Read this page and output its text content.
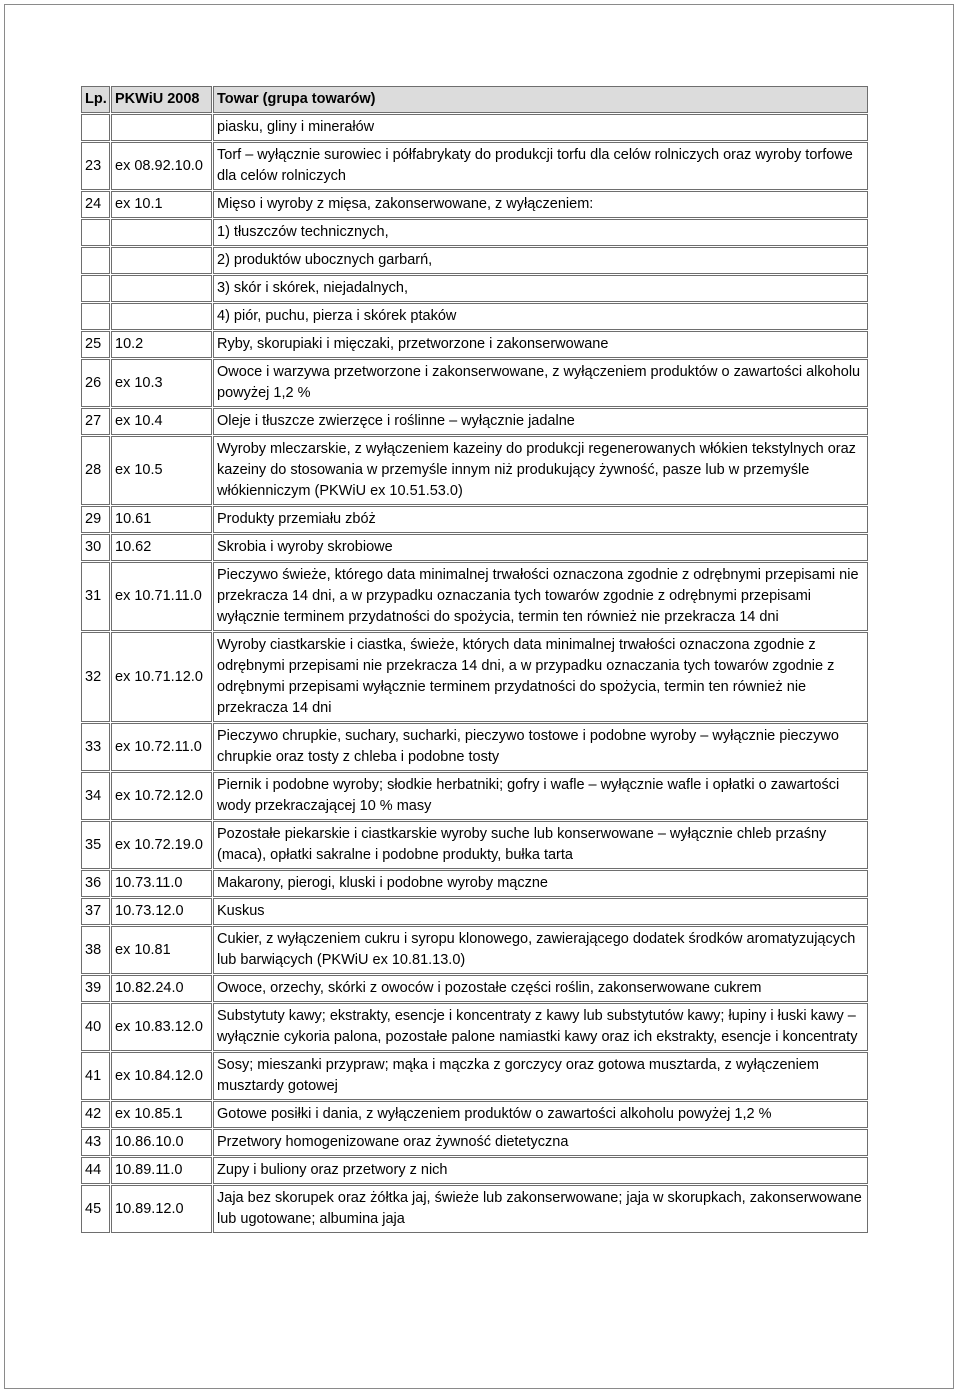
Lp.	PKWiU 2008	Towar (grupa towarów)
		piasku, gliny i minerałów
23	ex 08.92.10.0	Torf – wyłącznie surowiec i półfabrykaty do produkcji torfu dla celów rolniczych oraz wyroby torfowe dla celów rolniczych
24	ex 10.1	Mięso i wyroby z mięsa, zakonserwowane, z wyłączeniem:
		1) tłuszczów technicznych,
		2) produktów ubocznych garbarń,
		3) skór i skórek, niejadalnych,
		4) piór, puchu, pierza i skórek ptaków
25	10.2	Ryby, skorupiaki i mięczaki, przetworzone i zakonserwowane
26	ex 10.3	Owoce i warzywa przetworzone i zakonserwowane, z wyłączeniem produktów o zawartości alkoholu powyżej 1,2 %
27	ex 10.4	Oleje i tłuszcze zwierzęce i roślinne – wyłącznie jadalne
28	ex 10.5	Wyroby mleczarskie, z wyłączeniem kazeiny do produkcji regenerowanych włókien tekstylnych oraz kazeiny do stosowania w przemyśle innym niż produkujący żywność, pasze lub w przemyśle włókienniczym (PKWiU ex 10.51.53.0)
29	10.61	Produkty przemiału zbóż
30	10.62	Skrobia i wyroby skrobiowe
31	ex 10.71.11.0	Pieczywo świeże, którego data minimalnej trwałości oznaczona zgodnie z odrębnymi przepisami nie przekracza 14 dni, a w przypadku oznaczania tych towarów zgodnie z odrębnymi przepisami wyłącznie terminem przydatności do spożycia, termin ten również nie przekracza 14 dni
32	ex 10.71.12.0	Wyroby ciastkarskie i ciastka, świeże, których data minimalnej trwałości oznaczona zgodnie z odrębnymi przepisami nie przekracza 14 dni, a w przypadku oznaczania tych towarów zgodnie z odrębnymi przepisami wyłącznie terminem przydatności do spożycia, termin ten również nie przekracza 14 dni
33	ex 10.72.11.0	Pieczywo chrupkie, suchary, sucharki, pieczywo tostowe i podobne wyroby – wyłącznie pieczywo chrupkie oraz tosty z chleba i podobne tosty
34	ex 10.72.12.0	Piernik i podobne wyroby; słodkie herbatniki; gofry i wafle – wyłącznie wafle i opłatki o zawartości wody przekraczającej 10 % masy
35	ex 10.72.19.0	Pozostałe piekarskie i ciastkarskie wyroby suche lub konserwowane – wyłącznie chleb przaśny (maca), opłatki sakralne i podobne produkty, bułka tarta
36	10.73.11.0	Makarony, pierogi, kluski i podobne wyroby mączne
37	10.73.12.0	Kuskus
38	ex 10.81	Cukier, z wyłączeniem cukru i syropu klonowego, zawierającego dodatek środków aromatyzujących lub barwiących (PKWiU ex 10.81.13.0)
39	10.82.24.0	Owoce, orzechy, skórki z owoców i pozostałe części roślin, zakonserwowane cukrem
40	ex 10.83.12.0	Substytuty kawy; ekstrakty, esencje i koncentraty z kawy lub substytutów kawy; łupiny i łuski kawy – wyłącznie cykoria palona, pozostałe palone namiastki kawy oraz ich ekstrakty, esencje i koncentraty
41	ex 10.84.12.0	Sosy; mieszanki przypraw; mąka i mączka z gorczycy oraz gotowa musztarda, z wyłączeniem musztardy gotowej
42	ex 10.85.1	Gotowe posiłki i dania, z wyłączeniem produktów o zawartości alkoholu powyżej 1,2 %
43	10.86.10.0	Przetwory homogenizowane oraz żywność dietetyczna
44	10.89.11.0	Zupy i buliony oraz przetwory z nich
45	10.89.12.0	Jaja bez skorupek oraz żółtka jaj, świeże lub zakonserwowane; jaja w skorupkach, zakonserwowane lub ugotowane; albumina jaja
